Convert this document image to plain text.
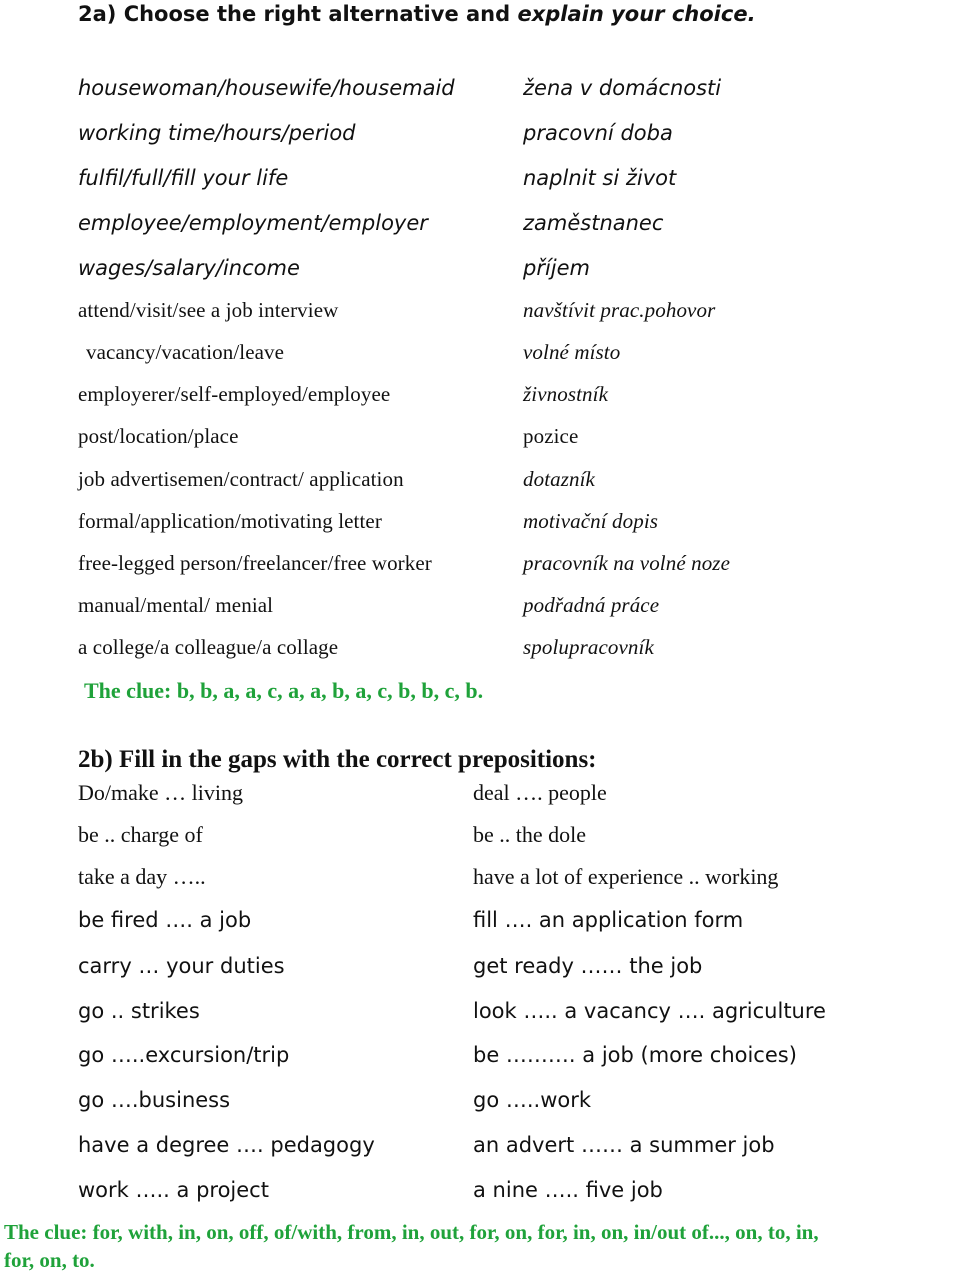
2a) Choose the right alternative and explain your choice.
housewoman/housewife/housemaid	žena v domácnosti
working time/hours/period	pracovní doba
fulfil/full/fill your life	naplnit si život
employee/employment/employer	zaměstnanec
wages/salary/income	příjem
attend/visit/see a job interview	navštívit prac.pohovor
vacancy/vacation/leave	volné místo
employerer/self-employed/employee	živnostník
post/location/place	pozice
job advertisemen/contract/ application	dotazník
formal/application/motivating letter	motivační dopis
free-legged person/freelancer/free worker	pracovník na volné noze
manual/mental/ menial	podřadná práce
a college/a colleague/a collage	spolupracovník
The clue: b, b, a, a, c, a, a, b, a, c, b, b, c, b.
2b) Fill in the gaps with the correct prepositions:
Do/make … living	deal …. people
be .. charge of	be .. the dole
take a day …..	have a lot of experience .. working
be fired …. a job	fill …. an application form
carry … your duties	get ready …… the job
go .. strikes	look ….. a vacancy …. agriculture
go …..excursion/trip	be ………. a job (more choices)
go ….business	go …..work
have a degree …. pedagogy	an advert …… a summer job
work ….. a project	a nine ….. five job
The clue: for, with, in, on, off, of/with, from, in, out, for, on, for, in, on, in/out of..., on, to, in,
for, on, to.
